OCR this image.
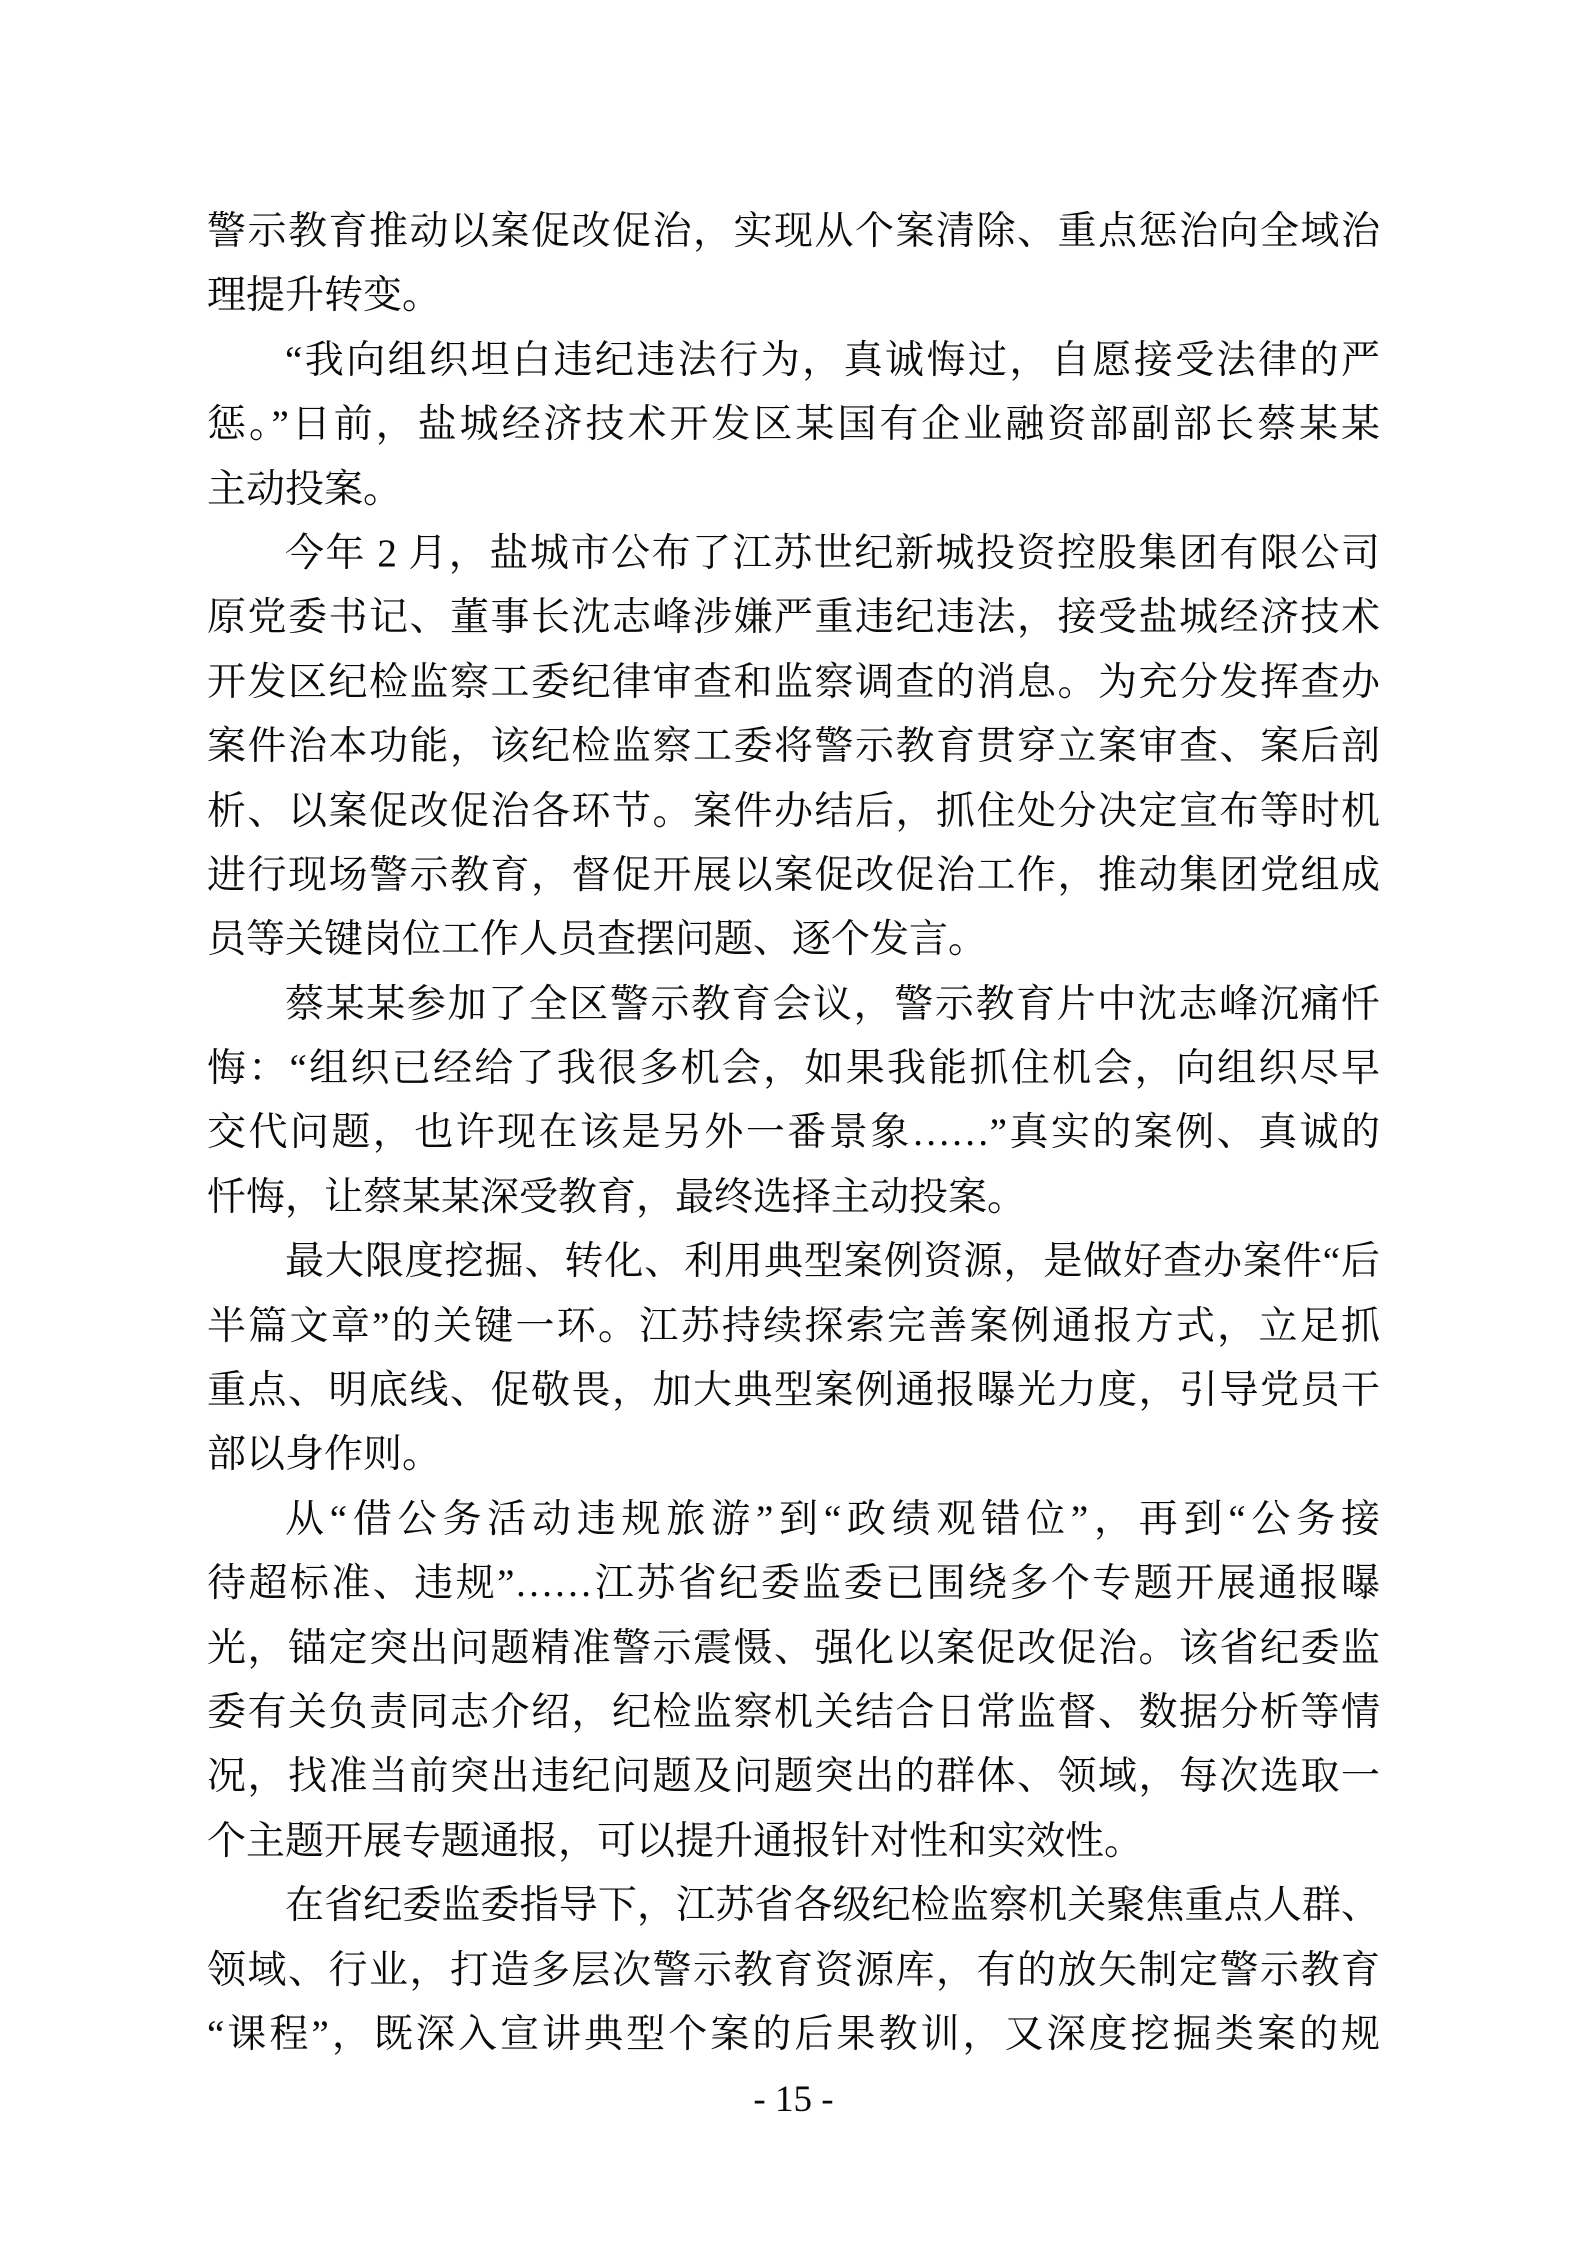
警示教育推动以案促改促治，实现从个案清除、重点惩治向全域治
理提升转变。
“我向组织坦白违纪违法行为，真诚悔过，自愿接受法律的严
惩。”日前，盐城经济技术开发区某国有企业融资部副部长蔡某某
主动投案。
今年 2 月，盐城市公布了江苏世纪新城投资控股集团有限公司
原党委书记、董事长沈志峰涉嫌严重违纪违法，接受盐城经济技术
开发区纪检监察工委纪律审查和监察调查的消息。为充分发挥查办
案件治本功能，该纪检监察工委将警示教育贯穿立案审查、案后剖
析、以案促改促治各环节。案件办结后，抓住处分决定宣布等时机
进行现场警示教育，督促开展以案促改促治工作，推动集团党组成
员等关键岗位工作人员查摆问题、逐个发言。
蔡某某参加了全区警示教育会议，警示教育片中沈志峰沉痛忏
悔：“组织已经给了我很多机会，如果我能抓住机会，向组织尽早
交代问题，也许现在该是另外一番景象……”真实的案例、真诚的
忏悔，让蔡某某深受教育，最终选择主动投案。
最大限度挖掘、转化、利用典型案例资源，是做好查办案件“后
半篇文章”的关键一环。江苏持续探索完善案例通报方式，立足抓
重点、明底线、促敬畏，加大典型案例通报曝光力度，引导党员干
部以身作则。
从“借公务活动违规旅游”到“政绩观错位”，再到“公务接
待超标准、违规”……江苏省纪委监委已围绕多个专题开展通报曝
光，锚定突出问题精准警示震慑、强化以案促改促治。该省纪委监
委有关负责同志介绍，纪检监察机关结合日常监督、数据分析等情
况，找准当前突出违纪问题及问题突出的群体、领域，每次选取一
个主题开展专题通报，可以提升通报针对性和实效性。
在省纪委监委指导下，江苏省各级纪检监察机关聚焦重点人群、
领域、行业，打造多层次警示教育资源库，有的放矢制定警示教育
“课程”，既深入宣讲典型个案的后果教训，又深度挖掘类案的规
- 15 -
